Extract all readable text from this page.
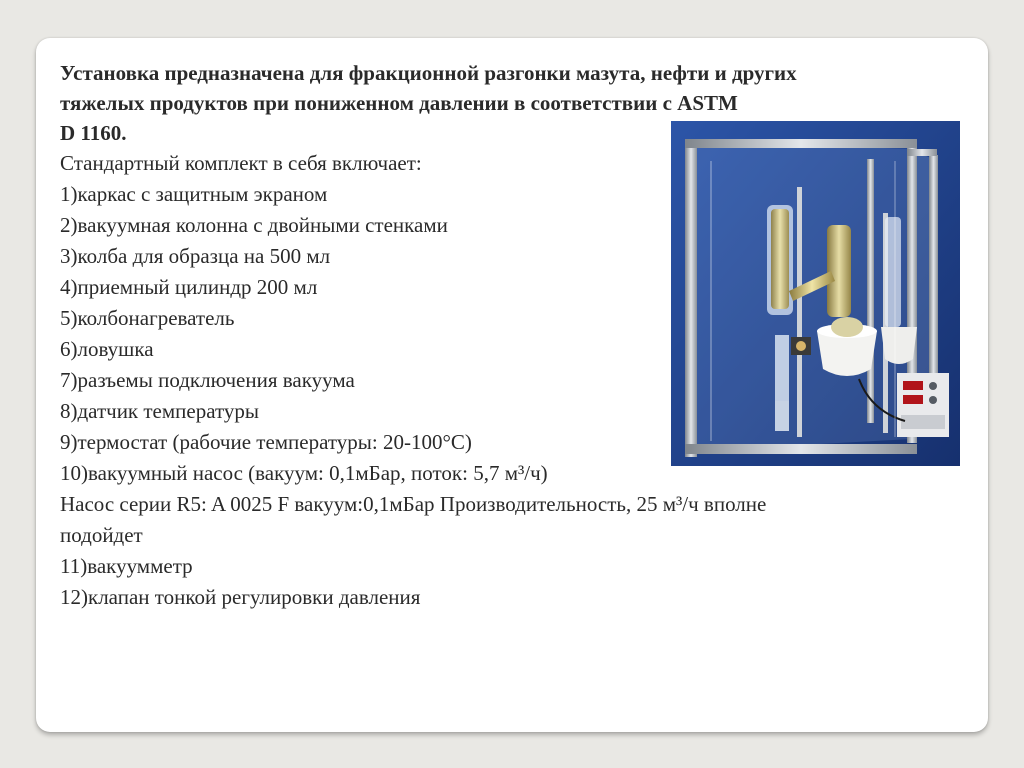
Установка предназначена для фракционной разгонки мазута, нефти и других
тяжелых продуктов при пониженном давлении в соответствии с ASTM
D 1160.

Стандартный комплект в себя включает:
1)каркас с защитным экраном
2)вакуумная колонна с двойными стенками
3)колба для образца на 500 мл
4)приемный цилиндр 200 мл
5)колбонагреватель
6)ловушка
7)разъемы подключения вакуума
8)датчик температуры
9)термостат (рабочие температуры: 20-100°С)
10)вакуумный насос (вакуум: 0,1мБар, поток: 5,7 м³/ч)
Насос серии R5: A 0025 F вакуум:0,1мБар Производительность, 25 м³/ч вполне
подойдет
11)вакуумметр
12)клапан тонкой регулировки давления
